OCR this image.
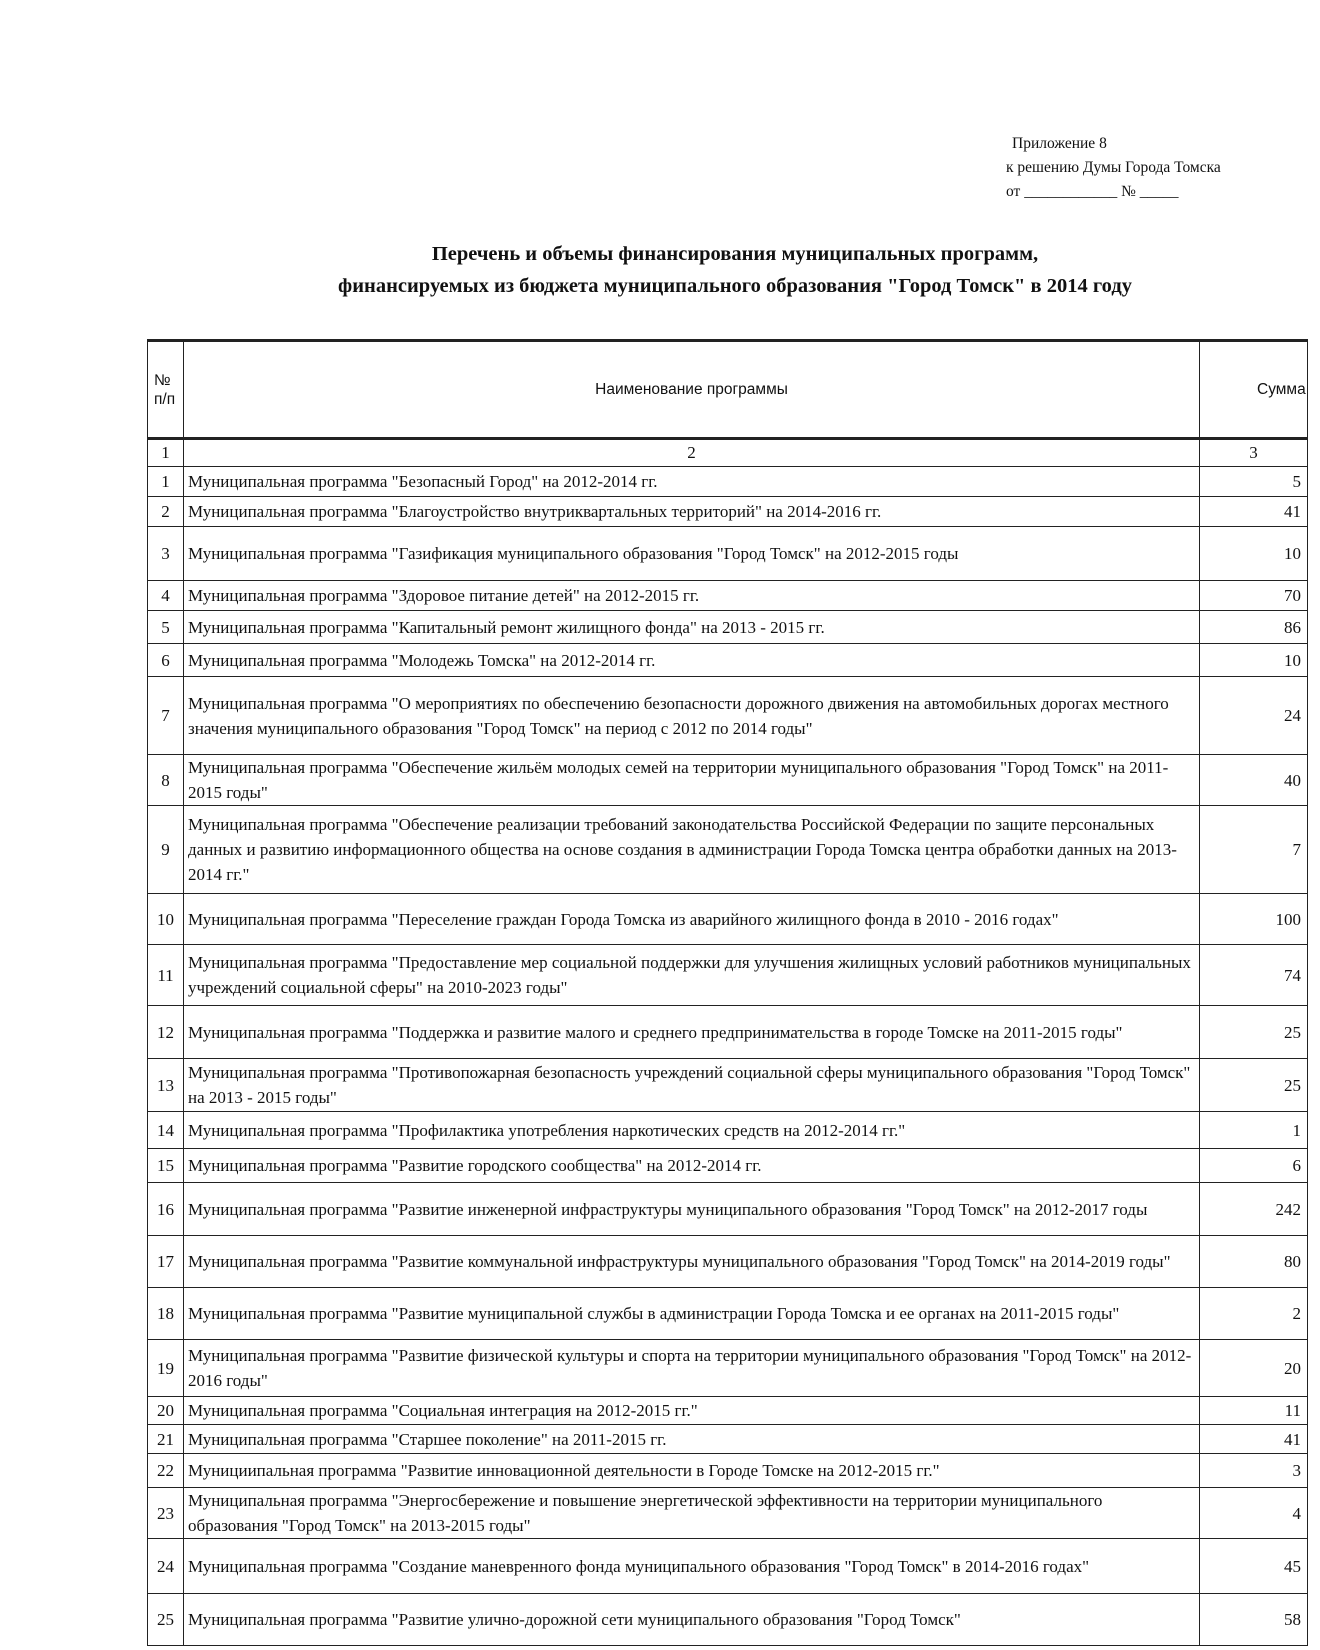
Приложение 8
к решению Думы Города Томска
от ____________ № _____
Перечень и объемы финансирования муниципальных программ,
финансируемых из бюджета муниципального образования "Город Томск" в 2014 году
№ п/п	Наименование программы	Сумма
1	2	3
1	Муниципальная программа "Безопасный Город" на 2012-2014 гг.	5
2	Муниципальная программа "Благоустройство внутриквартальных территорий" на 2014-2016 гг.	41
3	Муниципальная программа "Газификация муниципального образования "Город Томск" на 2012-2015 годы	10
4	Муниципальная программа "Здоровое питание детей" на 2012-2015 гг.	70
5	Муниципальная программа "Капитальный ремонт жилищного фонда" на 2013 - 2015 гг.	86
6	Муниципальная программа "Молодежь Томска" на 2012-2014 гг.	10
7	Муниципальная программа "О мероприятиях по обеспечению безопасности дорожного движения на автомобильных дорогах местного значения муниципального образования "Город Томск" на период с 2012 по 2014 годы"	24
8	Муниципальная программа "Обеспечение жильём молодых семей на территории муниципального образования "Город Томск" на 2011-2015 годы"	40
9	Муниципальная программа "Обеспечение реализации требований законодательства Российской Федерации по защите персональных данных и развитию информационного общества на основе создания в администрации Города Томска центра обработки данных на 2013-2014 гг."	7
10	Муниципальная программа "Переселение граждан Города Томска из аварийного жилищного фонда в 2010 - 2016 годах"	100
11	Муниципальная программа "Предоставление мер социальной поддержки для улучшения жилищных условий работников муниципальных учреждений социальной сферы" на 2010-2023 годы"	74
12	Муниципальная программа "Поддержка и развитие малого и среднего предпринимательства в городе Томске на 2011-2015 годы"	25
13	Муниципальная программа "Противопожарная безопасность учреждений социальной сферы муниципального образования "Город Томск" на 2013 - 2015 годы"	25
14	Муниципальная программа "Профилактика употребления наркотических средств на 2012-2014 гг."	1
15	Муниципальная программа "Развитие городского сообщества" на 2012-2014 гг.	6
16	Муниципальная программа "Развитие инженерной инфраструктуры муниципального образования "Город Томск" на 2012-2017 годы	242
17	Муниципальная программа "Развитие коммунальной инфраструктуры муниципального образования "Город Томск" на 2014-2019 годы"	80
18	Муниципальная программа "Развитие муниципальной службы в администрации Города Томска и ее органах на 2011-2015 годы"	2
19	Муниципальная программа "Развитие физической культуры и спорта на территории муниципального образования "Город Томск" на 2012-2016 годы"	20
20	Муниципальная программа "Социальная интеграция на 2012-2015 гг."	11
21	Муниципальная программа "Старшее поколение" на 2011-2015 гг.	41
22	Мунициипальная программа "Развитие инновационной деятельности в Городе Томске на 2012-2015 гг."	3
23	Муниципальная программа "Энергосбережение и повышение энергетической эффективности на территории муниципального образования "Город Томск" на 2013-2015 годы"	4
24	Муниципальная программа "Создание маневренного фонда муниципального образования "Город Томск" в 2014-2016 годах"	45
25	Муниципальная программа "Развитие улично-дорожной сети муниципального образования "Город Томск"	58
